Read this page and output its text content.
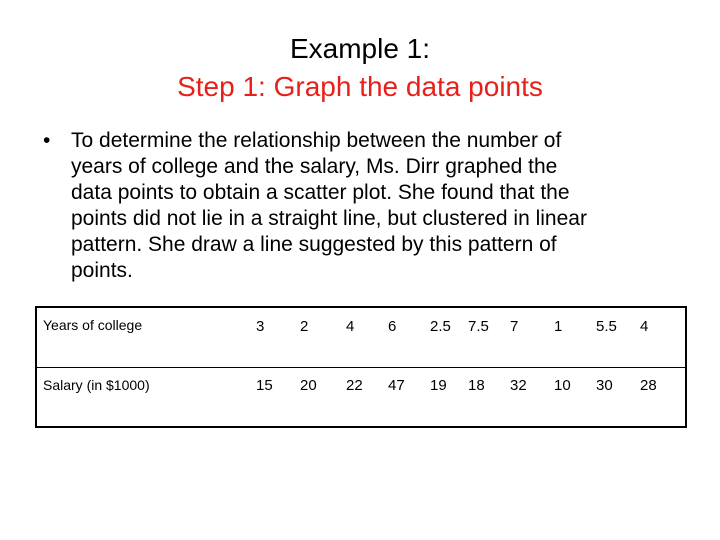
Example 1:
Step 1: Graph the data points
• To determine the relationship between the number of
years of college and the salary, Ms. Dirr graphed the
data points to obtain a scatter plot. She found that the
points did not lie in a straight line, but clustered in linear
pattern. She draw a line suggested by this pattern of
points.
Years of college	3	2	4	6	2.5	7.5	7	1	5.5	4
Salary (in $1000)	15	20	22	47	19	18	32	10	30	28
